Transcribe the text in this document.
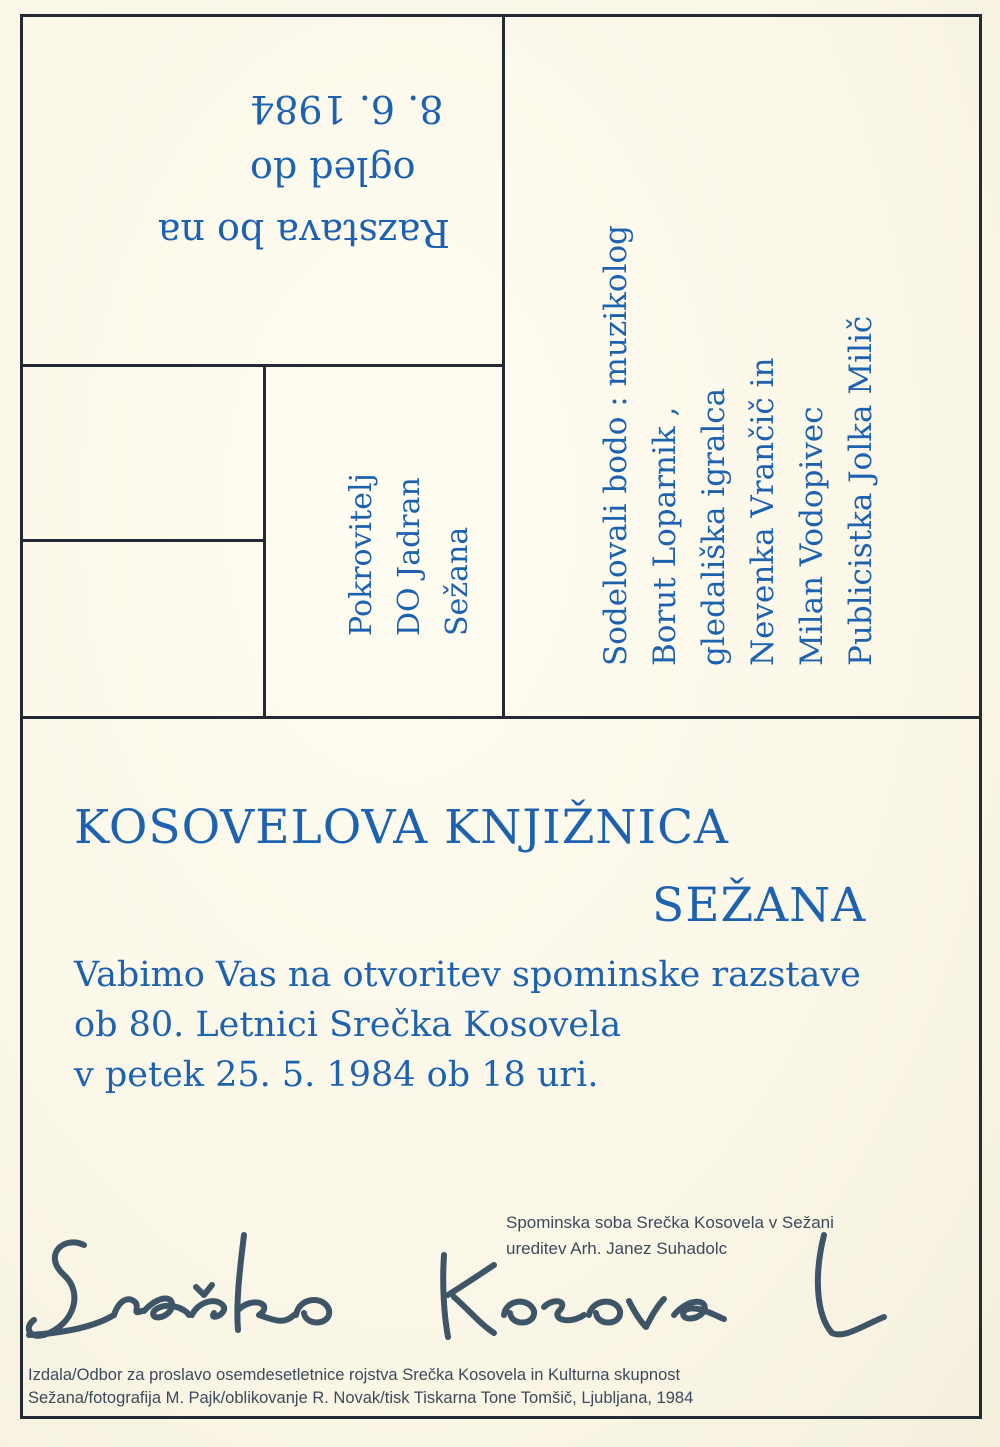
Razstava bo na
ogled do
8. 6. 1984
Pokrovitelj DO Jadran Sežana	Sodelovali bodo : muzikolog Borut Loparnik , gledališka igralca Nevenka Vrančič in Milan Vodopivec Publicistka Jolka Milič
KOSOVELOVA KNJIŽNICA
SEŽANA
Vabimo Vas na otvoritev spominske razstave
ob 80. Letnici Srečka Kosovela
v petek 25. 5. 1984 ob 18 uri.
Spominska soba Srečka Kosovela v Sežani
ureditev Arh. Janez Suhadolc
Izdala/Odbor za proslavo osemdesetletnice rojstva Srečka Kosovela in Kulturna skupnost
Sežana/fotografija M. Pajk/oblikovanje R. Novak/tisk Tiskarna Tone Tomšič, Ljubljana, 1984
